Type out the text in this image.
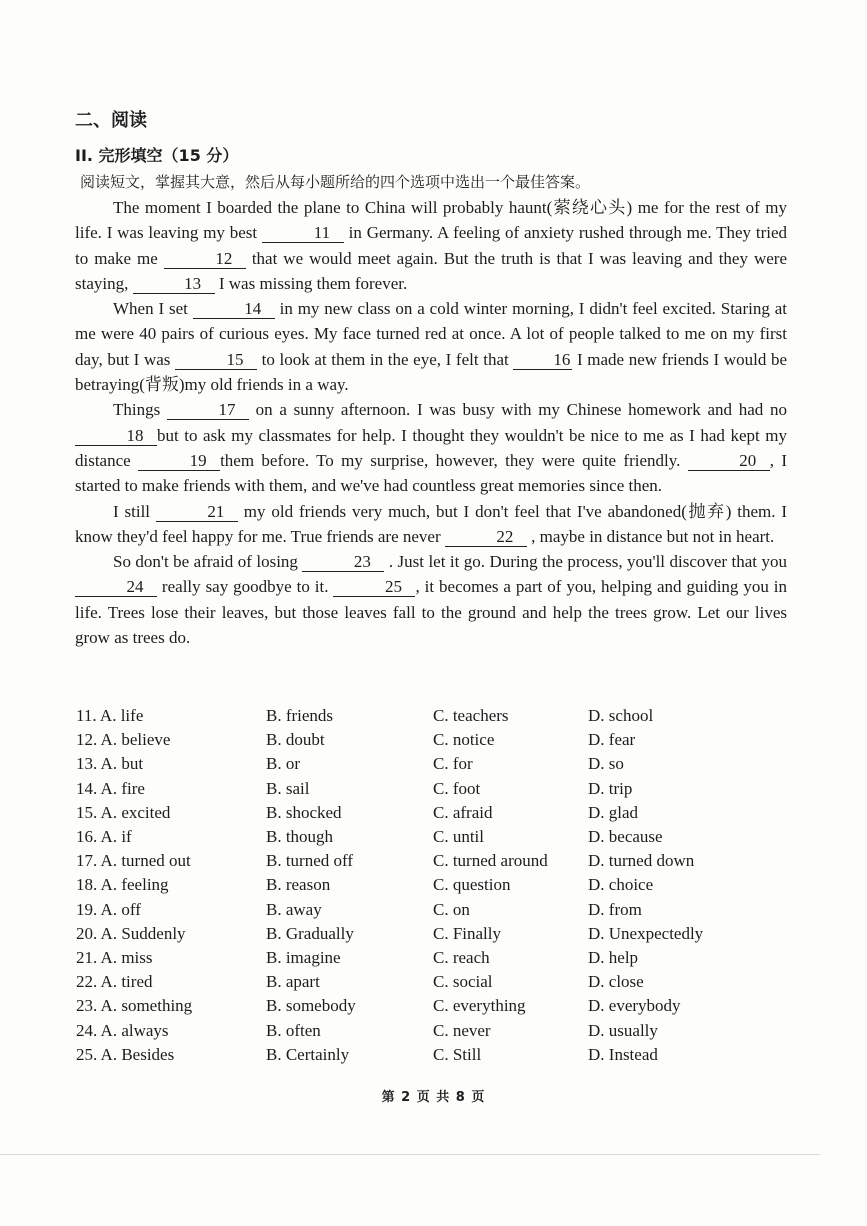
二、阅读
II. 完形填空（15 分）
阅读短文，掌握其大意，然后从每小题所给的四个选项中选出一个最佳答案。

The moment I boarded the plane to China will probably haunt(萦绕心头) me for the rest of my life. I was leaving my best	11 in Germany. A feeling of anxiety rushed through me. They tried to make me	12 that we would meet again. But the truth is that I was leaving and they were staying,	13 I was missing them forever.

When I set	14 in my new class on a cold winter morning, I didn't feel excited. Staring at me were 40 pairs of curious eyes. My face turned red at once. A lot of people talked to me on my first day, but I was	15 to look at them in the eye, I felt that 16 I made new friends I would be betraying(背叛)my old friends in a way.

Things	17 on a sunny afternoon. I was busy with my Chinese homework and had no 18 but to ask my classmates for help. I thought they wouldn't be nice to me as I had kept my distance	19 them before. To my surprise, however, they were quite friendly.	20 , I started to make friends with them, and we've had countless great memories since then.

I still	21 my old friends very much, but I don't feel that I've abandoned(抛弃) them. I know they'd feel happy for me. True friends are never	22 , maybe in distance but not in heart.

So don't be afraid of losing	23 . Just let it go. During the process, you'll discover that you 24 really say goodbye to it.	25 , it becomes a part of you, helping and guiding you in life. Trees lose their leaves, but those leaves fall to the ground and help the trees grow. Let our lives grow as trees do.

11. A. life	B. friends	C. teachers	D. school
12. A. believe	B. doubt	C. notice	D. fear
13. A. but	B. or	C. for	D. so
14. A. fire	B. sail	C. foot	D. trip
15. A. excited	B. shocked	C. afraid	D. glad
16. A. if	B. though	C. until	D. because
17. A. turned out	B. turned off	C. turned around	D. turned down
18. A. feeling	B. reason	C. question	D. choice
19. A. off	B. away	C. on	D. from
20. A. Suddenly	B. Gradually	C. Finally	D. Unexpectedly
21. A. miss	B. imagine	C. reach	D. help
22. A. tired	B. apart	C. social	D. close
23. A. something	B. somebody	C. everything	D. everybody
24. A. always	B. often	C. never	D. usually
25. A. Besides	B. Certainly	C. Still	D. Instead
第 2 页 共 8 页
